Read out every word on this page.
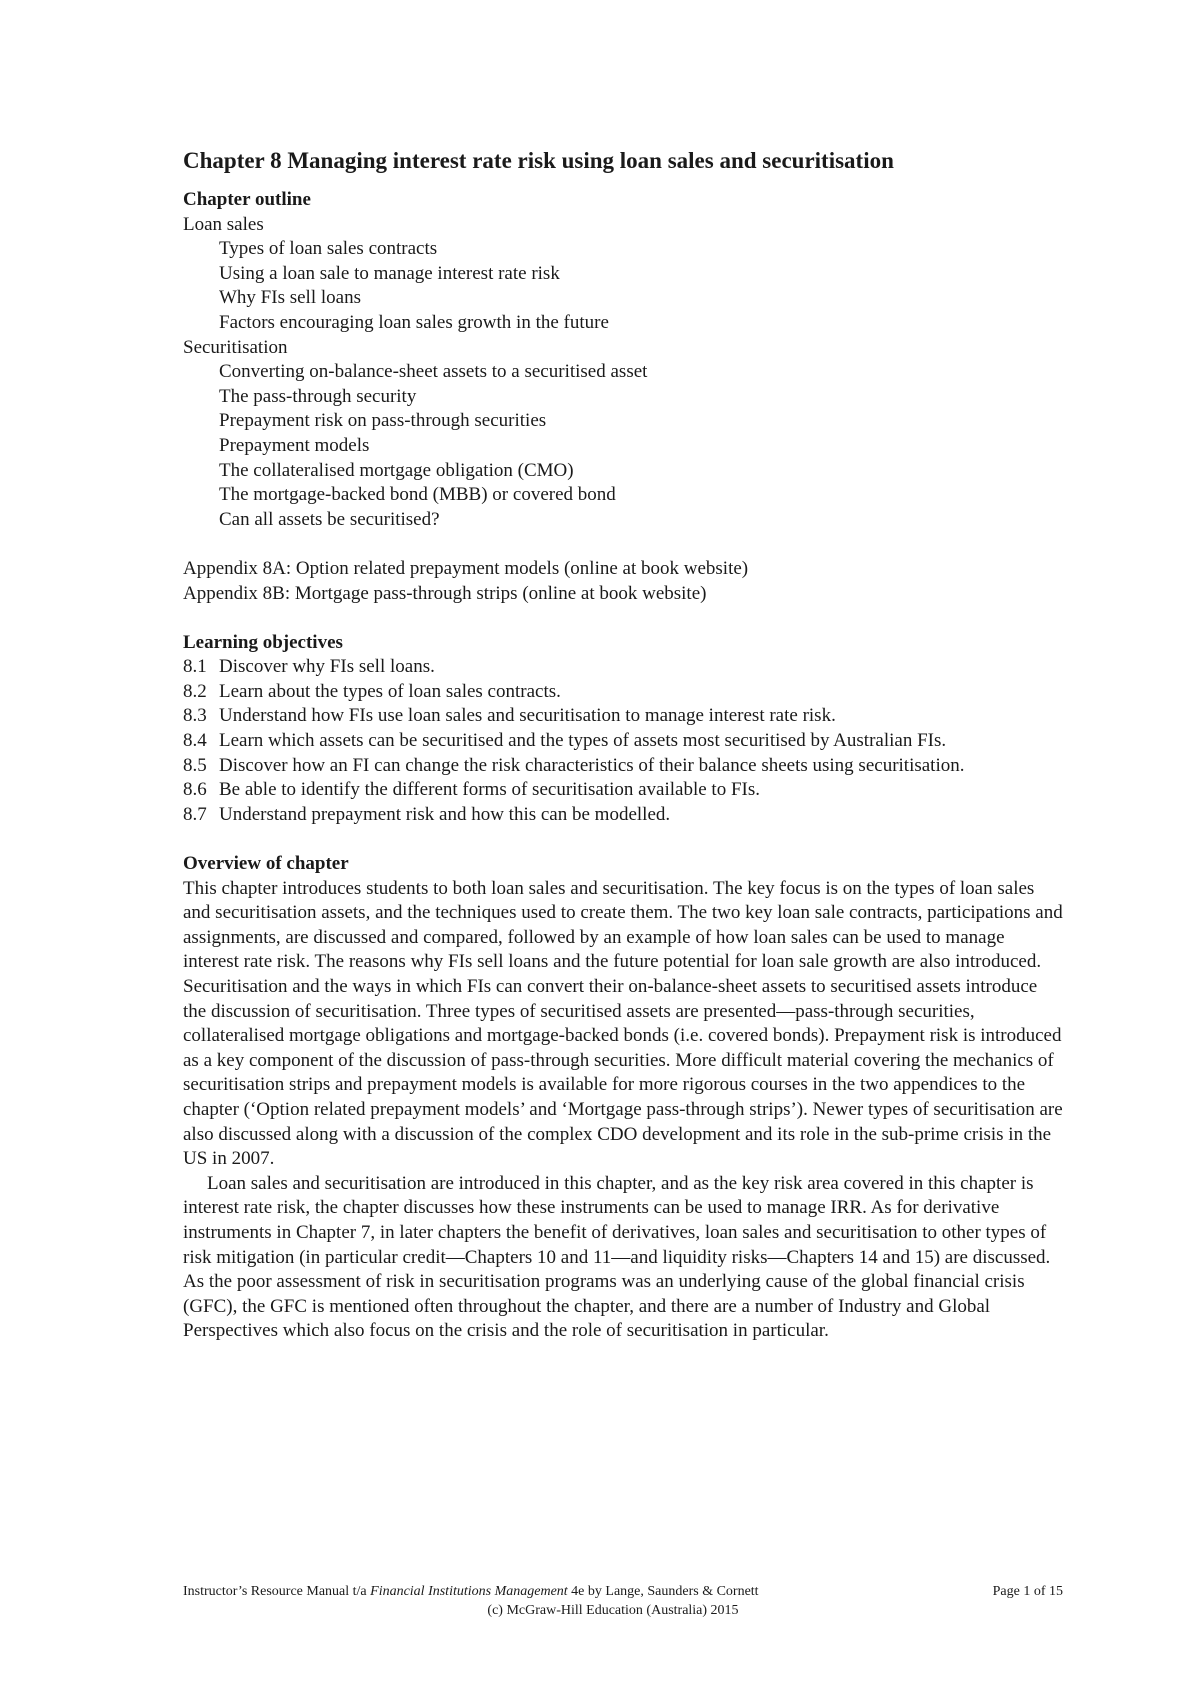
Chapter 8 Managing interest rate risk using loan sales and securitisation
Chapter outline
Loan sales
Types of loan sales contracts
Using a loan sale to manage interest rate risk
Why FIs sell loans
Factors encouraging loan sales growth in the future
Securitisation
Converting on-balance-sheet assets to a securitised asset
The pass-through security
Prepayment risk on pass-through securities
Prepayment models
The collateralised mortgage obligation (CMO)
The mortgage-backed bond (MBB) or covered bond
Can all assets be securitised?
Appendix 8A: Option related prepayment models (online at book website)
Appendix 8B: Mortgage pass-through strips (online at book website)
Learning objectives
8.1 Discover why FIs sell loans.
8.2 Learn about the types of loan sales contracts.
8.3 Understand how FIs use loan sales and securitisation to manage interest rate risk.
8.4 Learn which assets can be securitised and the types of assets most securitised by Australian FIs.
8.5 Discover how an FI can change the risk characteristics of their balance sheets using securitisation.
8.6 Be able to identify the different forms of securitisation available to FIs.
8.7 Understand prepayment risk and how this can be modelled.
Overview of chapter

This chapter introduces students to both loan sales and securitisation. The key focus is on the types of loan sales and securitisation assets, and the techniques used to create them. The two key loan sale contracts, participations and assignments, are discussed and compared, followed by an example of how loan sales can be used to manage interest rate risk. The reasons why FIs sell loans and the future potential for loan sale growth are also introduced.

Securitisation and the ways in which FIs can convert their on-balance-sheet assets to securitised assets introduce the discussion of securitisation. Three types of securitised assets are presented—pass-through securities, collateralised mortgage obligations and mortgage-backed bonds (i.e. covered bonds). Prepayment risk is introduced as a key component of the discussion of pass-through securities. More difficult material covering the mechanics of securitisation strips and prepayment models is available for more rigorous courses in the two appendices to the chapter (‘Option related prepayment models’ and ‘Mortgage pass-through strips’). Newer types of securitisation are also discussed along with a discussion of the complex CDO development and its role in the sub-prime crisis in the US in 2007.

Loan sales and securitisation are introduced in this chapter, and as the key risk area covered in this chapter is interest rate risk, the chapter discusses how these instruments can be used to manage IRR. As for derivative instruments in Chapter 7, in later chapters the benefit of derivatives, loan sales and securitisation to other types of risk mitigation (in particular credit—Chapters 10 and 11—and liquidity risks—Chapters 14 and 15) are discussed. As the poor assessment of risk in securitisation programs was an underlying cause of the global financial crisis (GFC), the GFC is mentioned often throughout the chapter, and there are a number of Industry and Global Perspectives which also focus on the crisis and the role of securitisation in particular.

Instructor’s Resource Manual t/a Financial Institutions Management 4e by Lange, Saunders & Cornett	Page 1 of 15
(c) McGraw-Hill Education (Australia) 2015
